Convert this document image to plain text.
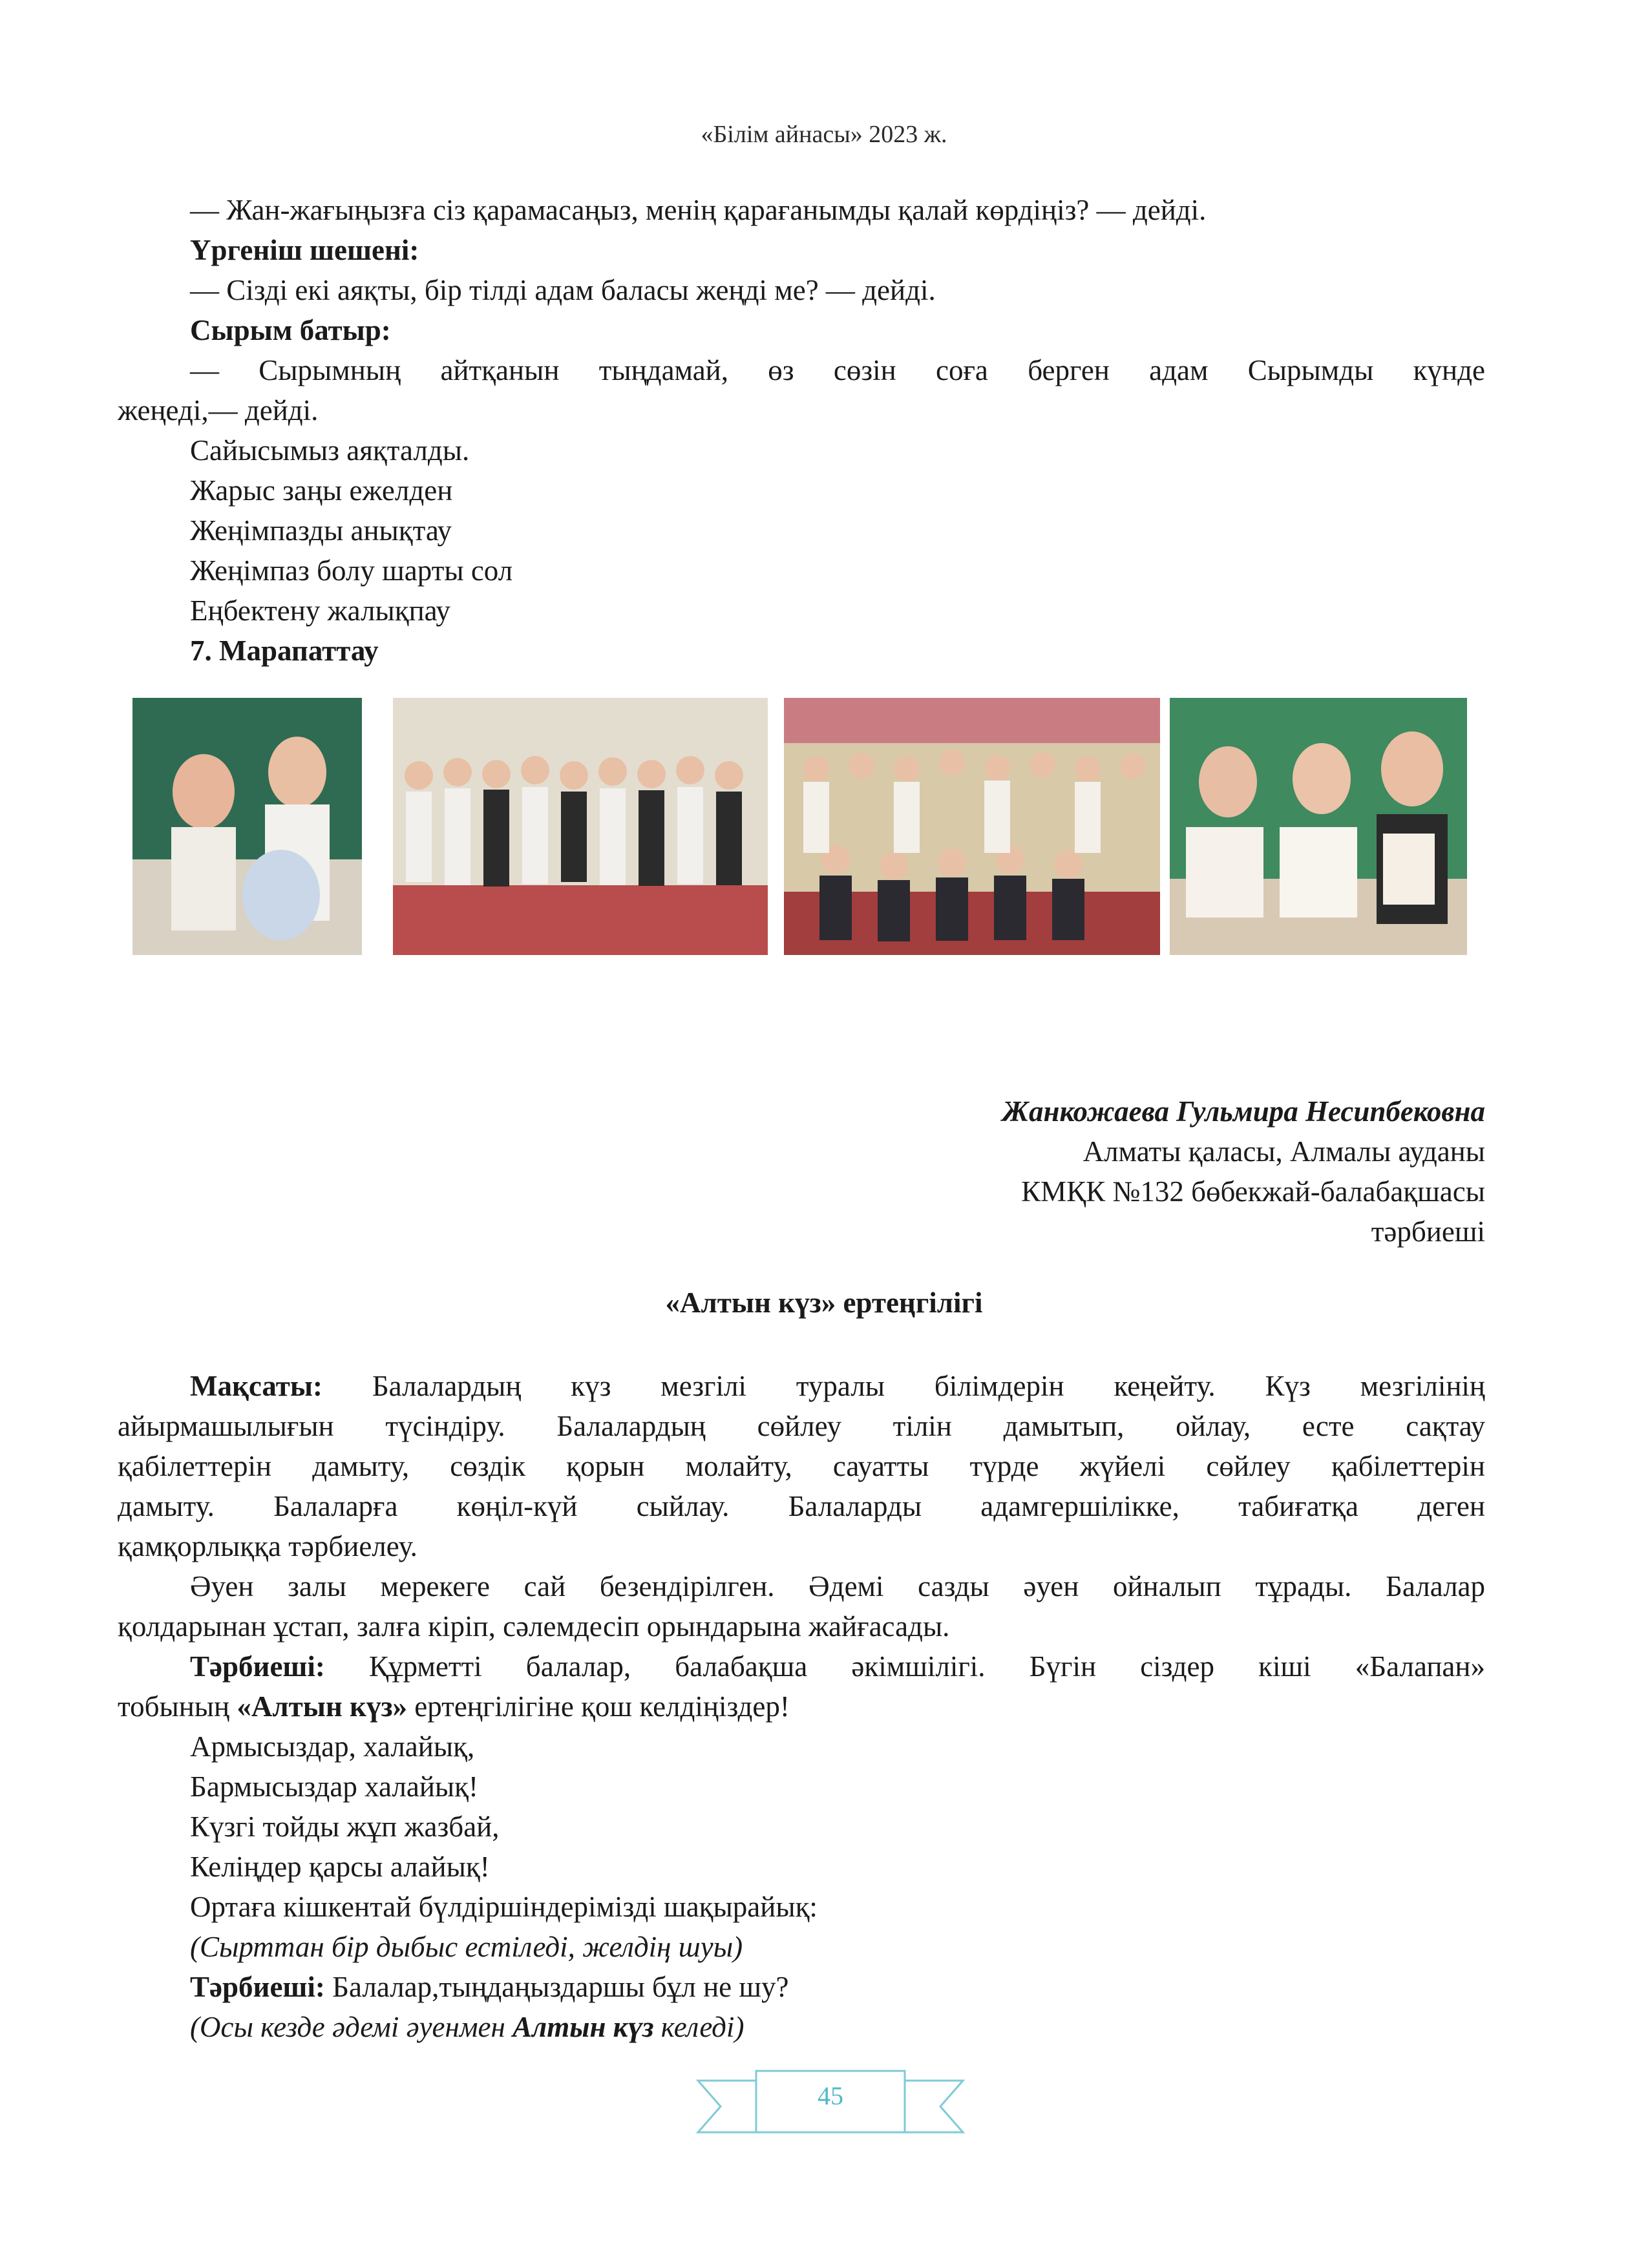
«Білім айнасы» 2023 ж.
— Жан-жағыңызға сіз қарамасаңыз, менің қарағанымды қалай көрдіңіз? — дейді.
Үргеніш шешені:
— Сізді екі аяқты, бір тілді адам баласы жеңді ме? — дейді.
Сырым батыр:
— Сырымның айтқанын тыңдамай, өз сөзін соға берген адам Сырымды күнде
жеңеді,— дейді.
Сайысымыз аяқталды.
Жарыс заңы ежелден
Жеңімпазды анықтау
Жеңімпаз болу шарты сол
Еңбектену жалықпау
7. Марапаттау
Жанкожаева Гульмира Несипбековна
Алматы қаласы, Алмалы ауданы
КМҚК №132 бөбекжай-балабақшасы
тәрбиеші
«Алтын күз» ертеңгілігі
Мақсаты: Балалардың күз мезгілі туралы білімдерін кеңейту. Күз мезгілінің
айырмашылығын түсіндіру. Балалардың сөйлеу тілін дамытып, ойлау, есте сақтау
қабілеттерін дамыту, сөздік қорын молайту, сауатты түрде жүйелі сөйлеу қабілеттерін
дамыту. Балаларға көңіл-күй сыйлау. Балаларды адамгершілікке, табиғатқа деген
қамқорлыққа тәрбиелеу.
Әуен залы мерекеге сай безендірілген. Әдемі сазды әуен ойналып тұрады. Балалар
қолдарынан ұстап, залға кіріп, сәлемдесіп орындарына жайғасады.
Тәрбиеші: Құрметті балалар, балабақша әкімшілігі. Бүгін сіздер кіші «Балапан»
тобының «Алтын күз» ертеңгілігіне қош келдіңіздер!
Армысыздар, халайық,
Бармысыздар халайық!
Күзгі тойды жұп жазбай,
Келіңдер қарсы алайық!
Ортаға кішкентай бүлдіршіндерімізді шақырайық:
(Сырттан бір дыбыс естіледі, желдің шуы)
Тәрбиеші: Балалар,тыңдаңыздаршы бұл не шу?
(Осы кезде әдемі әуенмен Алтын күз келеді)
45
